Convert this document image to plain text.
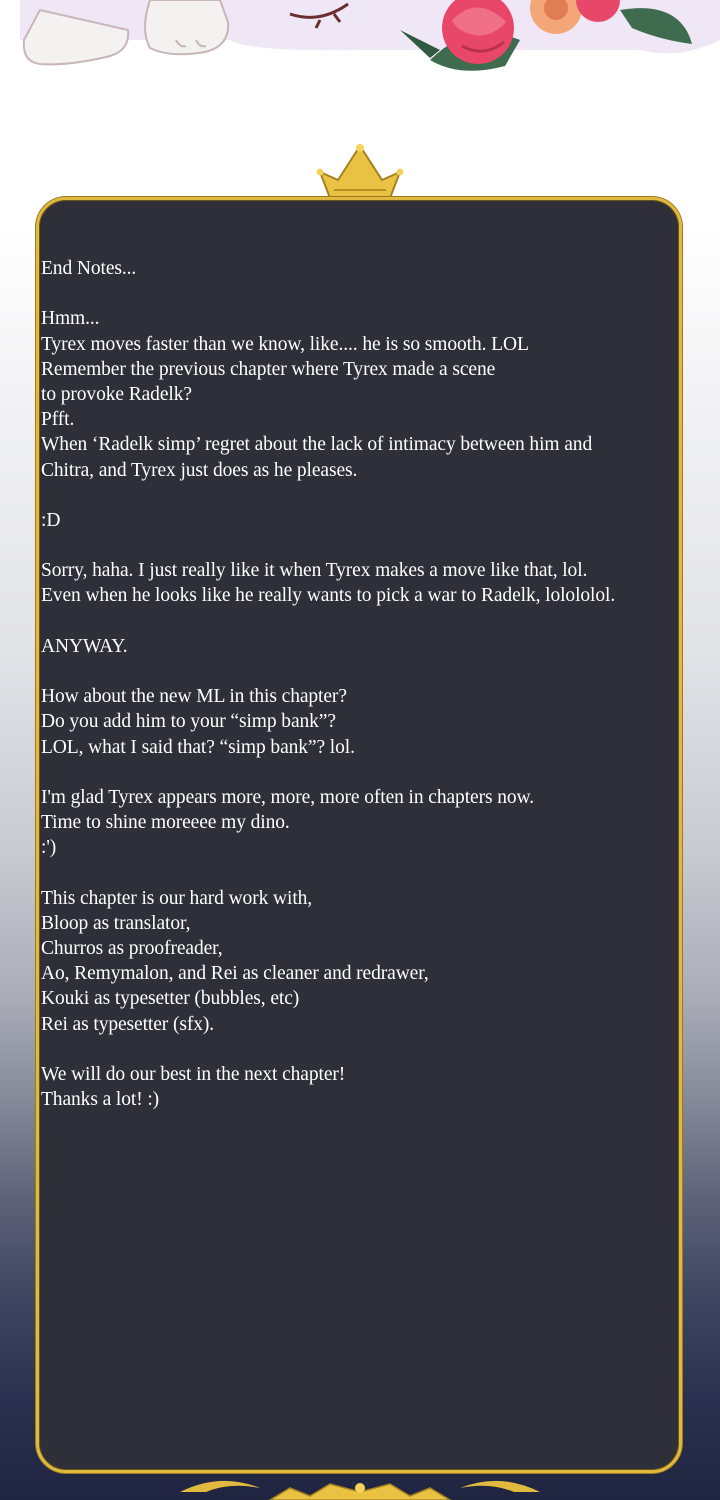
End Notes...
Hmm...
Tyrex moves faster than we know, like.... he is so smooth. LOL
Remember the previous chapter where Tyrex made a scene
to provoke Radelk?
Pfft.
When ‘Radelk simp’ regret about the lack of intimacy between him and
Chitra, and Tyrex just does as he pleases.
:D
Sorry, haha. I just really like it when Tyrex makes a move like that, lol.
Even when he looks like he really wants to pick a war to Radelk, lolololol.
ANYWAY.
How about the new ML in this chapter?
Do you add him to your “simp bank”?
LOL, what I said that? “simp bank”? lol.
I'm glad Tyrex appears more, more, more often in chapters now.
Time to shine moreeee my dino.
:')
This chapter is our hard work with,
Bloop as translator,
Churros as proofreader,
Ao, Remymalon, and Rei as cleaner and redrawer,
Kouki as typesetter (bubbles, etc)
Rei as typesetter (sfx).
We will do our best in the next chapter!
Thanks a lot! :)
